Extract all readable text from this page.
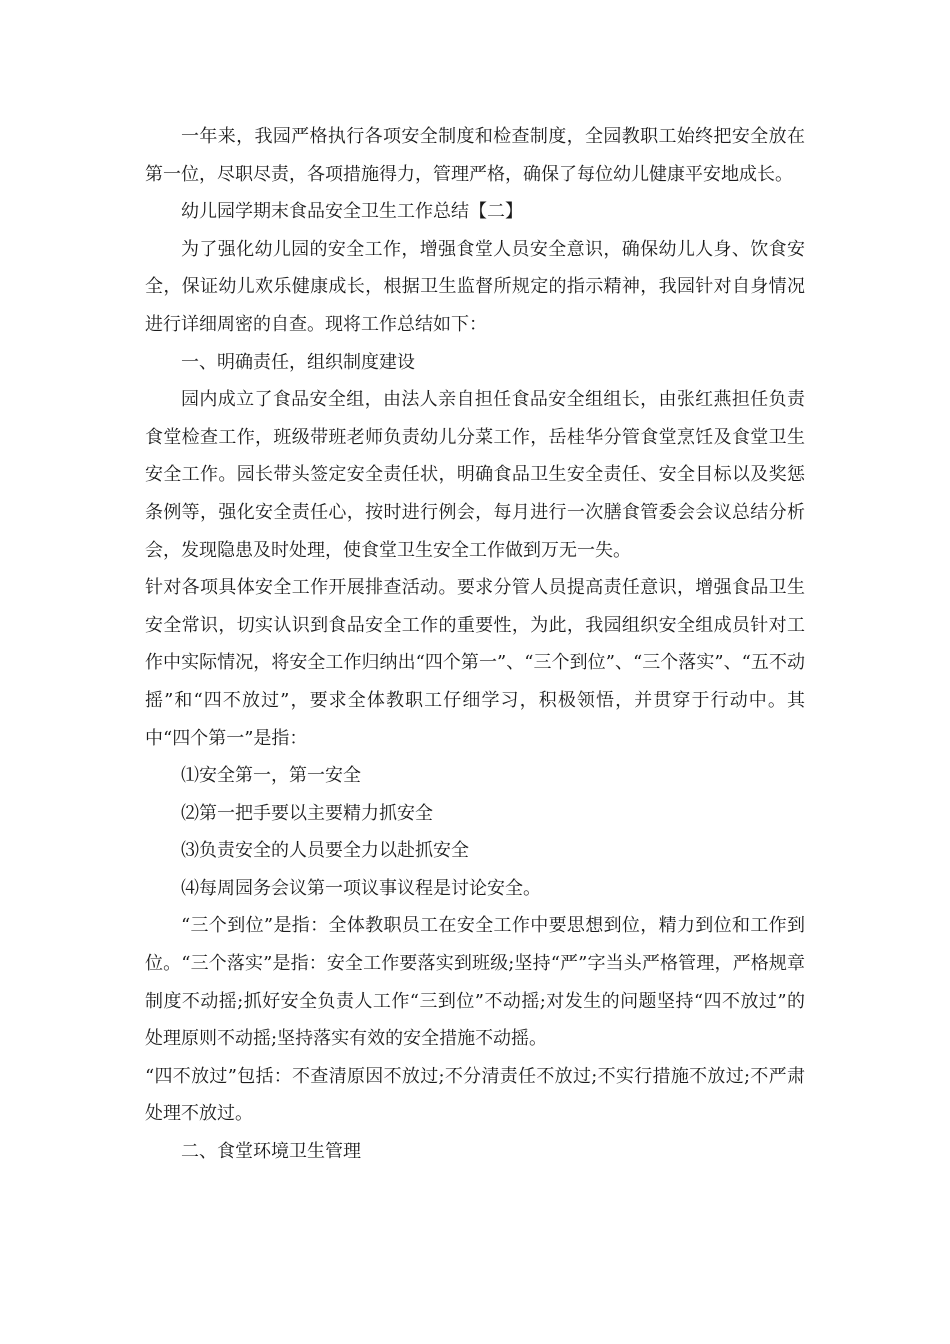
一年来，我园严格执行各项安全制度和检查制度，全园教职工始终把安全放在第一位，尽职尽责，各项措施得力，管理严格，确保了每位幼儿健康平安地成长。

幼儿园学期末食品安全卫生工作总结【二】

为了强化幼儿园的安全工作，增强食堂人员安全意识，确保幼儿人身、饮食安全，保证幼儿欢乐健康成长，根据卫生监督所规定的指示精神，我园针对自身情况进行详细周密的自查。现将工作总结如下：

一、明确责任，组织制度建设

园内成立了食品安全组，由法人亲自担任食品安全组组长，由张红燕担任负责食堂检查工作，班级带班老师负责幼儿分菜工作，岳桂华分管食堂烹饪及食堂卫生安全工作。园长带头签定安全责任状，明确食品卫生安全责任、安全目标以及奖惩条例等，强化安全责任心，按时进行例会，每月进行一次膳食管委会会议总结分析会，发现隐患及时处理，使食堂卫生安全工作做到万无一失。

针对各项具体安全工作开展排查活动。要求分管人员提高责任意识，增强食品卫生安全常识，切实认识到食品安全工作的重要性，为此，我园组织安全组成员针对工作中实际情况，将安全工作归纳出“四个第一”、“三个到位”、“三个落实”、“五不动摇”和“四不放过”，要求全体教职工仔细学习，积极领悟，并贯穿于行动中。其中“四个第一”是指：

⑴安全第一，第一安全

⑵第一把手要以主要精力抓安全

⑶负责安全的人员要全力以赴抓安全

⑷每周园务会议第一项议事议程是讨论安全。

“三个到位”是指：全体教职员工在安全工作中要思想到位，精力到位和工作到位。“三个落实”是指：安全工作要落实到班级;坚持“严”字当头严格管理，严格规章制度不动摇;抓好安全负责人工作“三到位”不动摇;对发生的问题坚持“四不放过”的处理原则不动摇;坚持落实有效的安全措施不动摇。

“四不放过”包括：不查清原因不放过;不分清责任不放过;不实行措施不放过;不严肃处理不放过。

二、食堂环境卫生管理
